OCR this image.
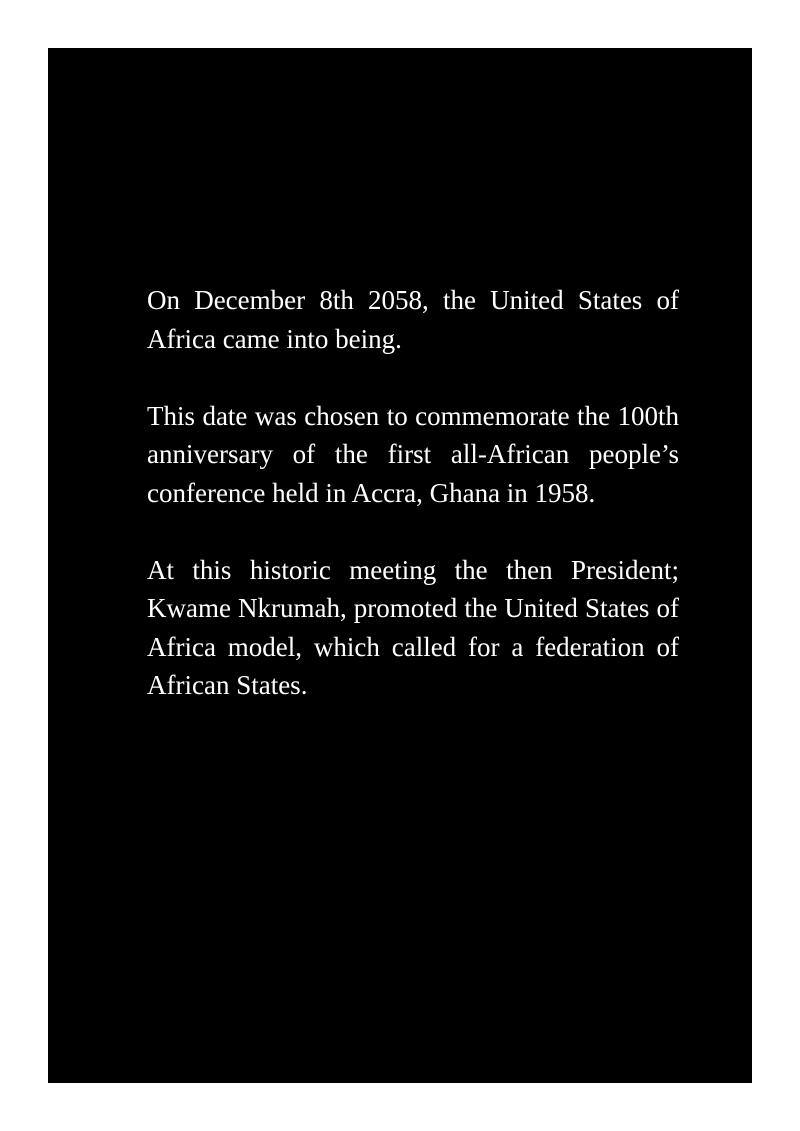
On December 8th 2058, the United States of Africa came into being.

This date was chosen to commemorate the 100th anniversary of the first all-African people’s conference held in Accra, Ghana in 1958.

At this historic meeting the then President; Kwame Nkrumah, promoted the United States of Africa model, which called for a federation of African States.
